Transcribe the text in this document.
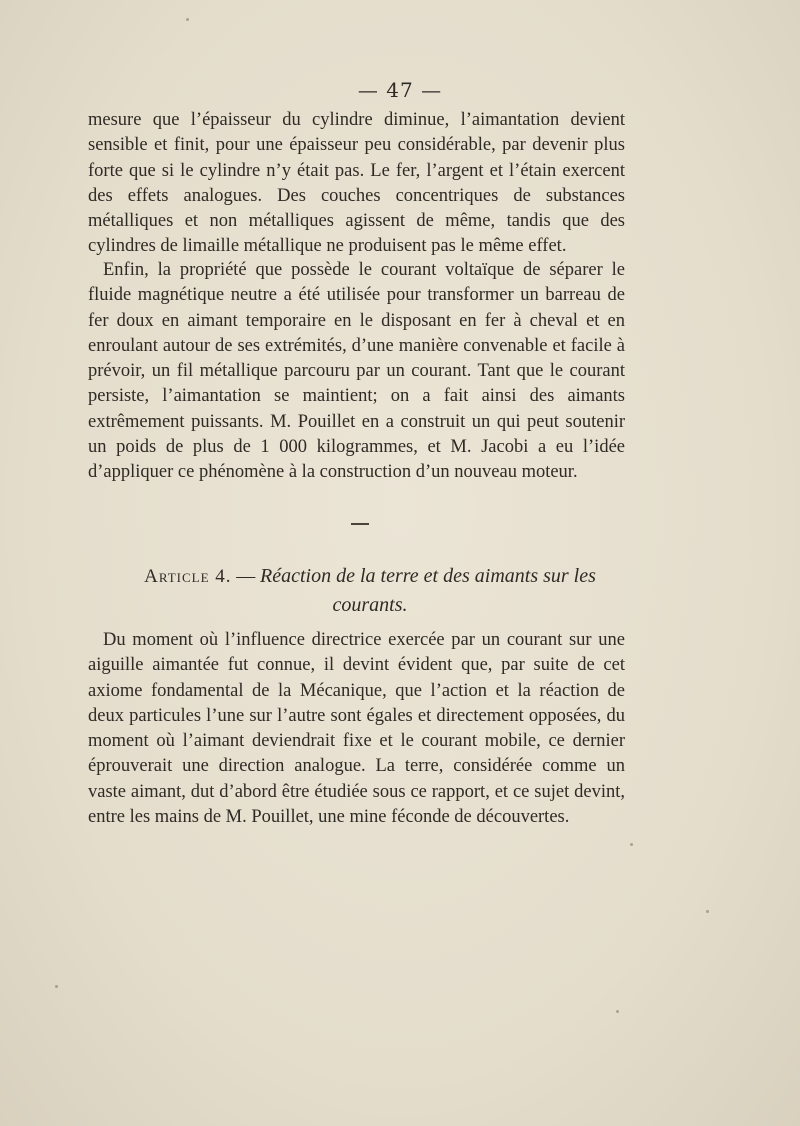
— 47 —

mesure que l’épaisseur du cylindre diminue, l’aimantation devient sensible et finit, pour une épaisseur peu considérable, par devenir plus forte que si le cylindre n’y était pas. Le fer, l’argent et l’étain exercent des effets analogues. Des couches concentriques de substances métalliques et non métalliques agissent de même, tandis que des cylindres de limaille métallique ne produisent pas le même effet.

Enfin, la propriété que possède le courant voltaïque de séparer le fluide magnétique neutre a été utilisée pour transformer un barreau de fer doux en aimant temporaire en le disposant en fer à cheval et en enroulant autour de ses extrémités, d’une manière convenable et facile à prévoir, un fil métallique parcouru par un courant. Tant que le courant persiste, l’aimantation se maintient; on a fait ainsi des aimants extrêmement puissants. M. Pouillet en a construit un qui peut soutenir un poids de plus de 1 000 kilogrammes, et M. Jacobi a eu l’idée d’appliquer ce phénomène à la construction d’un nouveau moteur.

Article 4. — Réaction de la terre et des aimants sur les courants.

Du moment où l’influence directrice exercée par un courant sur une aiguille aimantée fut connue, il devint évident que, par suite de cet axiome fondamental de la Mécanique, que l’action et la réaction de deux particules l’une sur l’autre sont égales et directement opposées, du moment où l’aimant deviendrait fixe et le courant mobile, ce dernier éprouverait une direction analogue. La terre, considérée comme un vaste aimant, dut d’abord être étudiée sous ce rapport, et ce sujet devint, entre les mains de M. Pouillet, une mine féconde de découvertes.
